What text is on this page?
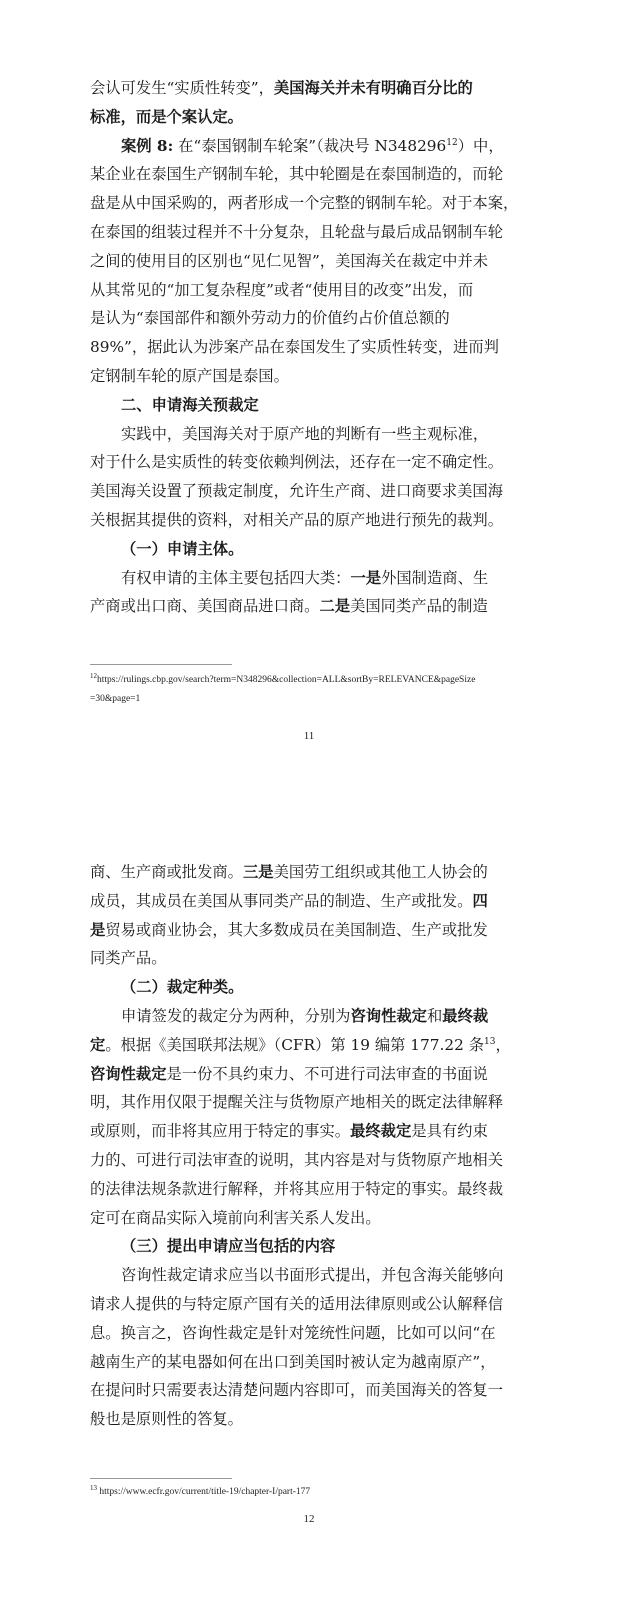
会认可发生“实质性转变”，美国海关并未有明确百分比的
标准，而是个案认定。
案例 8: 在“泰国钢制车轮案”（裁决号 N348296$^{12}$）中，
某企业在泰国生产钢制车轮，其中轮圈是在泰国制造的，而轮
盘是从中国采购的，两者形成一个完整的钢制车轮。对于本案，
在泰国的组装过程并不十分复杂，且轮盘与最后成品钢制车轮
之间的使用目的区别也“见仁见智”，美国海关在裁定中并未
从其常见的“加工复杂程度”或者“使用目的改变”出发，而
是认为“泰国部件和额外劳动力的价值约占价值总额的
89%”，据此认为涉案产品在泰国发生了实质性转变，进而判
定钢制车轮的原产国是泰国。
二、申请海关预裁定
实践中，美国海关对于原产地的判断有一些主观标准，
对于什么是实质性的转变依赖判例法，还存在一定不确定性。
美国海关设置了预裁定制度，允许生产商、进口商要求美国海
关根据其提供的资料，对相关产品的原产地进行预先的裁判。
（一）申请主体。
有权申请的主体主要包括四大类：一是外国制造商、生
产商或出口商、美国商品进口商。二是美国同类产品的制造
$^{12}$https://rulings.cbp.gov/search?term=N348296&collection=ALL&sortBy=RELEVANCE&pageSize
=30&page=1
11
商、生产商或批发商。三是美国劳工组织或其他工人协会的
成员，其成员在美国从事同类产品的制造、生产或批发。四
是贸易或商业协会，其大多数成员在美国制造、生产或批发
同类产品。
（二）裁定种类。
申请签发的裁定分为两种，分别为咨询性裁定和最终裁
定。根据《美国联邦法规》（CFR）第 19 编第 177.22 条$^{13}$，
咨询性裁定是一份不具约束力、不可进行司法审查的书面说
明，其作用仅限于提醒关注与货物原产地相关的既定法律解释
或原则，而非将其应用于特定的事实。最终裁定是具有约束
力的、可进行司法审查的说明，其内容是对与货物原产地相关
的法律法规条款进行解释，并将其应用于特定的事实。最终裁
定可在商品实际入境前向利害关系人发出。
（三）提出申请应当包括的内容
咨询性裁定请求应当以书面形式提出，并包含海关能够向
请求人提供的与特定原产国有关的适用法律原则或公认解释信
息。换言之，咨询性裁定是针对笼统性问题，比如可以问“在
越南生产的某电器如何在出口到美国时被认定为越南原产”，
在提问时只需要表达清楚问题内容即可，而美国海关的答复一
般也是原则性的答复。
$^{13}$ https://www.ecfr.gov/current/title-19/chapter-I/part-177
12
